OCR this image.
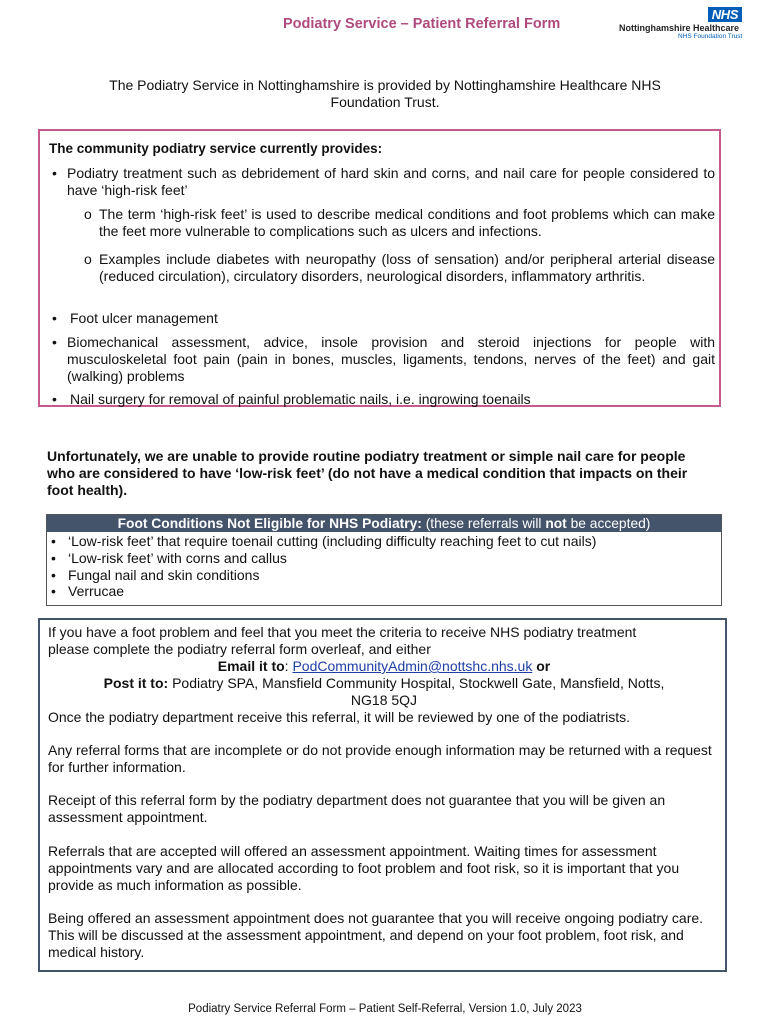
Podiatry Service – Patient Referral Form
NHS
Nottinghamshire Healthcare
NHS Foundation Trust
The Podiatry Service in Nottinghamshire is provided by Nottinghamshire Healthcare NHS
Foundation Trust.
The community podiatry service currently provides:
• Podiatry treatment such as debridement of hard skin and corns, and nail care for people considered to have ‘high-risk feet’
o The term ‘high-risk feet’ is used to describe medical conditions and foot problems which can make the feet more vulnerable to complications such as ulcers and infections.
o Examples include diabetes with neuropathy (loss of sensation) and/or peripheral arterial disease (reduced circulation), circulatory disorders, neurological disorders, inflammatory arthritis.
• Foot ulcer management
• Biomechanical assessment, advice, insole provision and steroid injections for people with musculoskeletal foot pain (pain in bones, muscles, ligaments, tendons, nerves of the feet) and gait (walking) problems
• Nail surgery for removal of painful problematic nails, i.e. ingrowing toenails
Unfortunately, we are unable to provide routine podiatry treatment or simple nail care for people who are considered to have ‘low-risk feet’ (do not have a medical condition that impacts on their foot health).
Foot Conditions Not Eligible for NHS Podiatry: (these referrals will not be accepted)
• ‘Low-risk feet’ that require toenail cutting (including difficulty reaching feet to cut nails)
• ‘Low-risk feet’ with corns and callus
• Fungal nail and skin conditions
• Verrucae
If you have a foot problem and feel that you meet the criteria to receive NHS podiatry treatment
please complete the podiatry referral form overleaf, and either
Email it to: PodCommunityAdmin@nottshc.nhs.uk or
Post it to: Podiatry SPA, Mansfield Community Hospital, Stockwell Gate, Mansfield, Notts,
NG18 5QJ
Once the podiatry department receive this referral, it will be reviewed by one of the podiatrists.
Any referral forms that are incomplete or do not provide enough information may be returned with a request for further information.
Receipt of this referral form by the podiatry department does not guarantee that you will be given an assessment appointment.
Referrals that are accepted will offered an assessment appointment. Waiting times for assessment appointments vary and are allocated according to foot problem and foot risk, so it is important that you provide as much information as possible.
Being offered an assessment appointment does not guarantee that you will receive ongoing podiatry care. This will be discussed at the assessment appointment, and depend on your foot problem, foot risk, and medical history.
Podiatry Service Referral Form – Patient Self-Referral, Version 1.0, July 2023
